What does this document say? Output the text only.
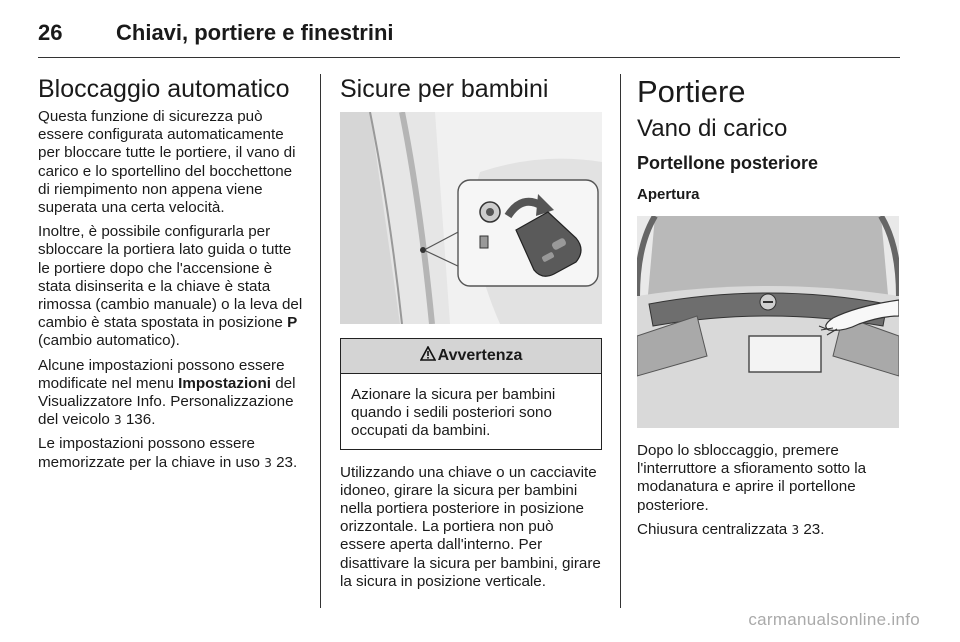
26 Chiavi, portiere e finestrini
Bloccaggio automatico

Questa funzione di sicurezza può essere configurata automaticamente per bloccare tutte le portiere, il vano di carico e lo sportellino del bocchettone di riempimento non appena viene superata una certa velocità.

Inoltre, è possibile configurarla per sbloccare la portiera lato guida o tutte le portiere dopo che l'accensione è stata disinserita e la chiave è stata rimossa (cambio manuale) o la leva del cambio è stata spostata in posizione P (cambio automatico).

Alcune impostazioni possono essere modificate nel menu Impostazioni del Visualizzatore Info. Personalizzazione del veicolo 3 136.

Le impostazioni possono essere memorizzate per la chiave in uso 3 23.

Sicure per bambini
Avvertenza

Azionare la sicura per bambini quando i sedili posteriori sono occupati da bambini.

Utilizzando una chiave o un cacciavite idoneo, girare la sicura per bambini nella portiera posteriore in posizione orizzontale. La portiera non può essere aperta dall'interno. Per disattivare la sicura per bambini, girare la sicura in posizione verticale.

Portiere
Vano di carico
Portellone posteriore
Apertura

Dopo lo sbloccaggio, premere l'interruttore a sfioramento sotto la modanatura e aprire il portellone posteriore.

Chiusura centralizzata 3 23.

carmanualsonline.info
